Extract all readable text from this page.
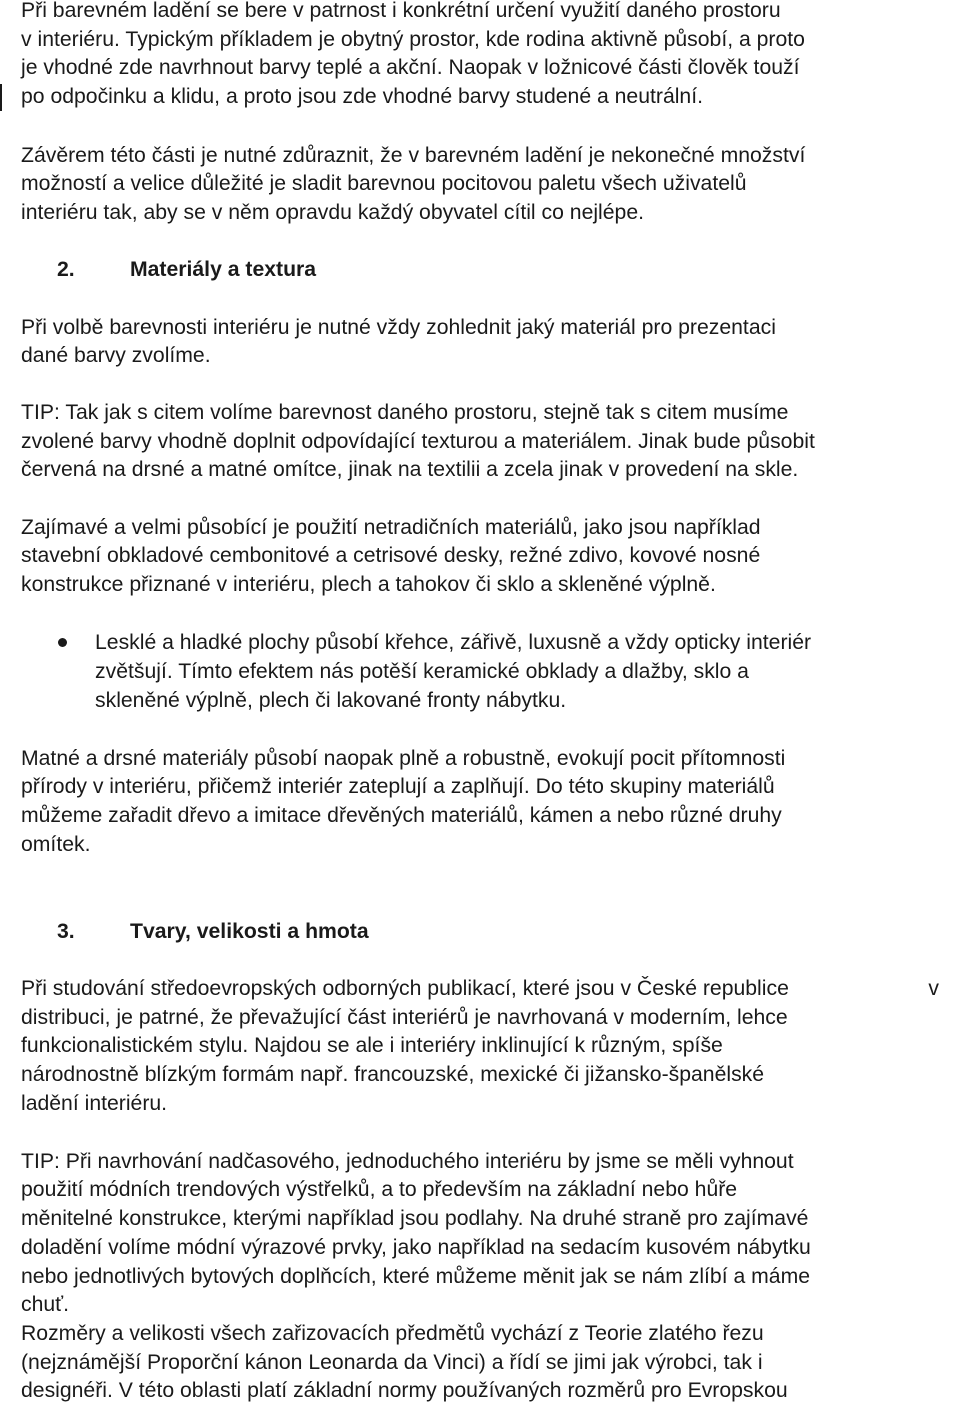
Při barevném ladění se bere v patrnost i konkrétní určení využití daného prostoru
v interiéru. Typickým příkladem je obytný prostor, kde rodina aktivně působí, a proto
je vhodné zde navrhnout barvy teplé a akční. Naopak v ložnicové části člověk touží
po odpočinku a klidu, a proto jsou zde vhodné barvy studené a neutrální.
Závěrem této části je nutné zdůraznit, že v barevném ladění je nekonečné množství
možností a velice důležité je sladit barevnou pocitovou paletu všech uživatelů
interiéru tak, aby se v něm opravdu každý obyvatel cítil co nejlépe.
2.	Materiály a textura
Při volbě barevnosti interiéru je nutné vždy zohlednit jaký materiál pro prezentaci
dané barvy zvolíme.
TIP: Tak jak s citem volíme barevnost daného prostoru, stejně tak s citem musíme
zvolené barvy vhodně doplnit odpovídající texturou a materiálem. Jinak bude působit
červená na drsné a matné omítce, jinak na textilii a zcela jinak v provedení na skle.
Zajímavé a velmi působící je použití netradičních materiálů, jako jsou například
stavební obkladové cembonitové a cetrisové desky, režné zdivo, kovové nosné
konstrukce přiznané v interiéru, plech a tahokov či sklo a skleněné výplně.
Lesklé a hladké plochy působí křehce, zářivě, luxusně a vždy opticky interiér
zvětšují. Tímto efektem nás potěší keramické obklady a dlažby, sklo a
skleněné výplně, plech či lakované fronty nábytku.
Matné a drsné materiály působí naopak plně a robustně, evokují pocit přítomnosti
přírody v interiéru, přičemž interiér zateplují a zaplňují. Do této skupiny materiálů
můžeme zařadit dřevo a imitace dřevěných materiálů, kámen a nebo různé druhy
omítek.
3.	Tvary, velikosti a hmota
Při studování středoevropských odborných publikací, které jsou v České republice	v
distribuci, je patrné, že převažující část interiérů je navrhovaná v moderním, lehce
funkcionalistickém stylu. Najdou se ale i interiéry inklinující k různým, spíše
národnostně blízkým formám např. francouzské, mexické či jižansko-španělské
ladění interiéru.
TIP: Při navrhování nadčasového, jednoduchého interiéru by jsme se měli vyhnout
použití módních trendových výstřelků, a to především na základní nebo hůře
měnitelné konstrukce, kterými například jsou podlahy. Na druhé straně pro zajímavé
doladění volíme módní výrazové prvky, jako například na sedacím kusovém nábytku
nebo jednotlivých bytových doplňcích, které můžeme měnit jak se nám zlíbí a máme
chuť.
Rozměry a velikosti všech zařizovacích předmětů vychází z Teorie zlatého řezu
(nejznámější Proporční kánon Leonarda da Vinci) a řídí se jimi jak výrobci, tak i
designéři. V této oblasti platí základní normy používaných rozměrů pro Evropskou
